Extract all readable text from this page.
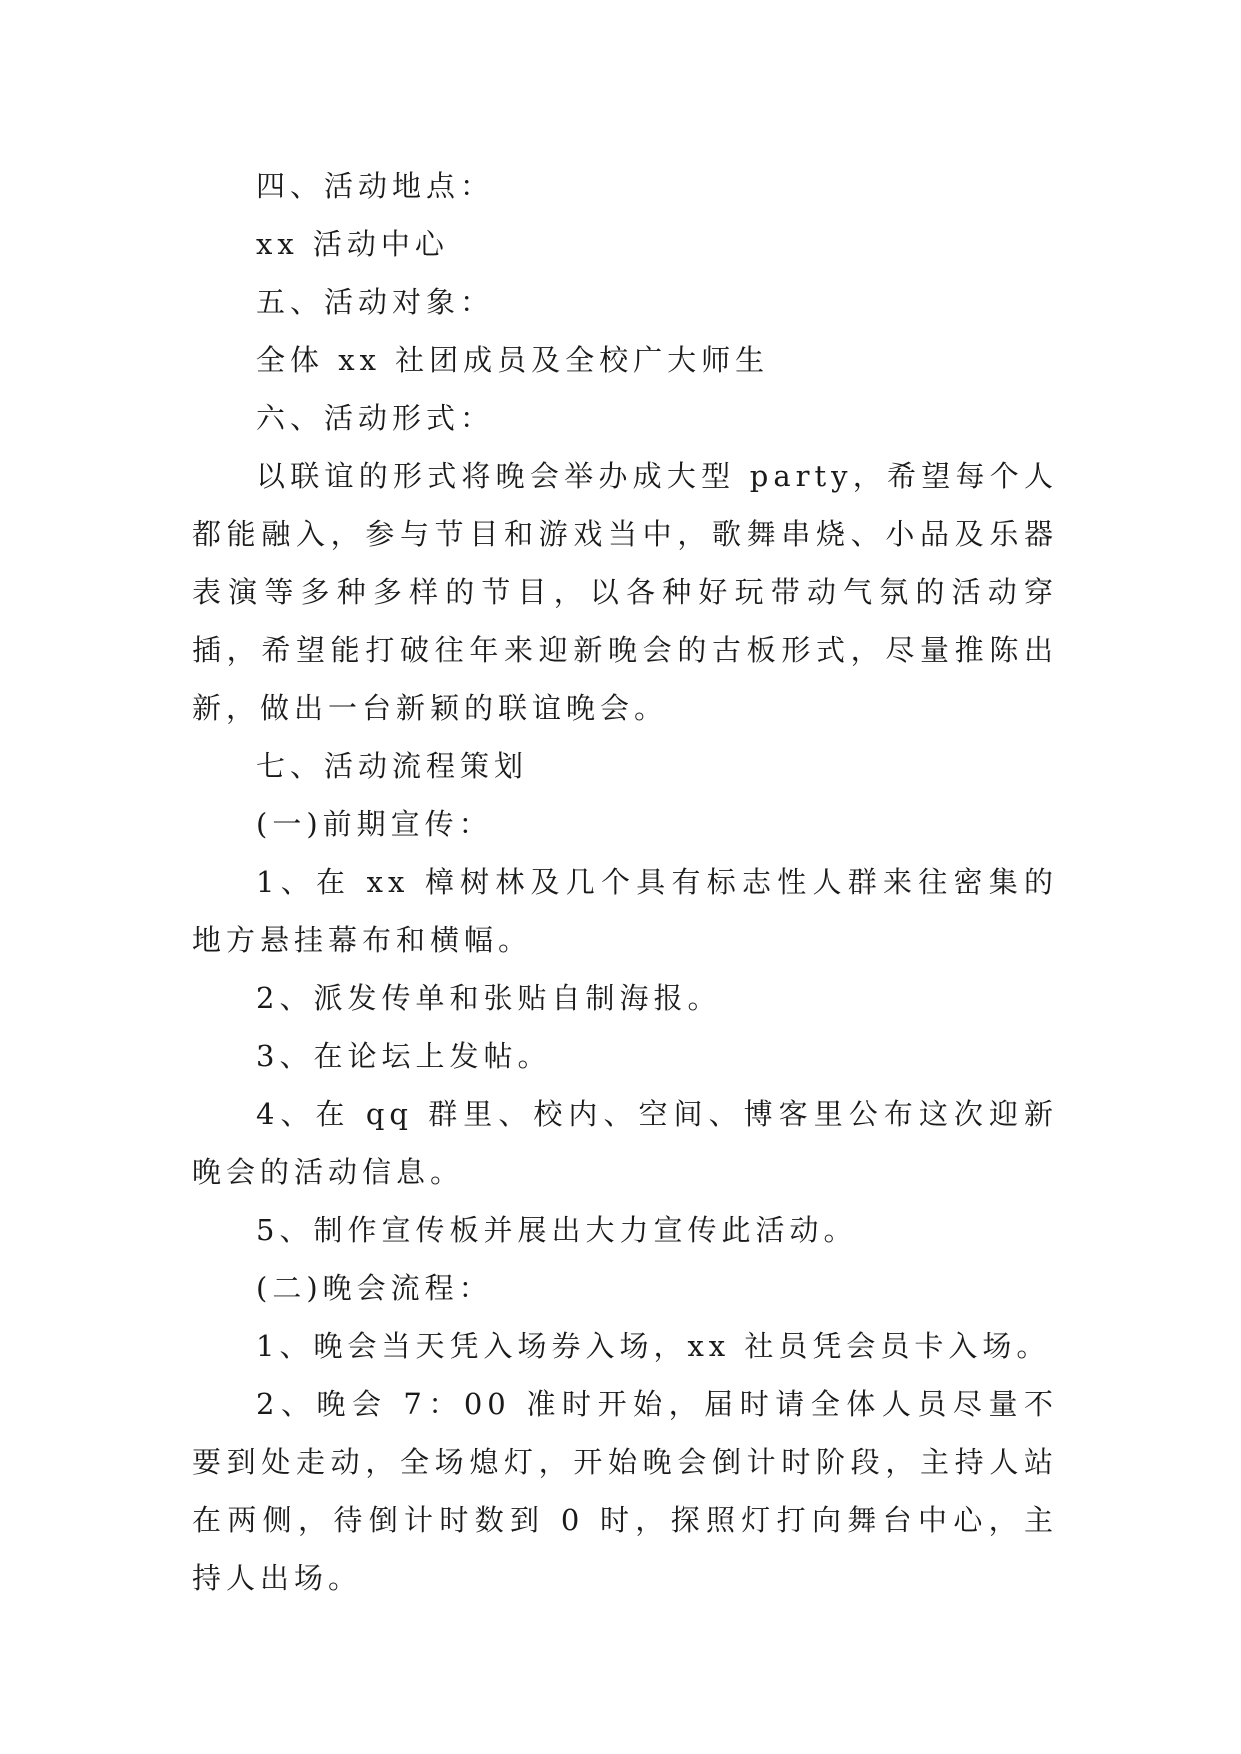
四、活动地点：

xx 活动中心

五、活动对象：

全体 xx 社团成员及全校广大师生

六、活动形式：

以联谊的形式将晚会举办成大型 party，希望每个人都能融入，参与节目和游戏当中，歌舞串烧、小品及乐器表演等多种多样的节目，以各种好玩带动气氛的活动穿插，希望能打破往年来迎新晚会的古板形式，尽量推陈出新，做出一台新颖的联谊晚会。

七、活动流程策划

(一)前期宣传：

1、在 xx 樟树林及几个具有标志性人群来往密集的地方悬挂幕布和横幅。

2、派发传单和张贴自制海报。

3、在论坛上发帖。

4、在 qq 群里、校内、空间、博客里公布这次迎新晚会的活动信息。

5、制作宣传板并展出大力宣传此活动。

(二)晚会流程：

1、晚会当天凭入场券入场，xx 社员凭会员卡入场。

2、晚会 7：00 准时开始，届时请全体人员尽量不要到处走动，全场熄灯，开始晚会倒计时阶段，主持人站在两侧，待倒计时数到 0 时，探照灯打向舞台中心，主持人出场。
